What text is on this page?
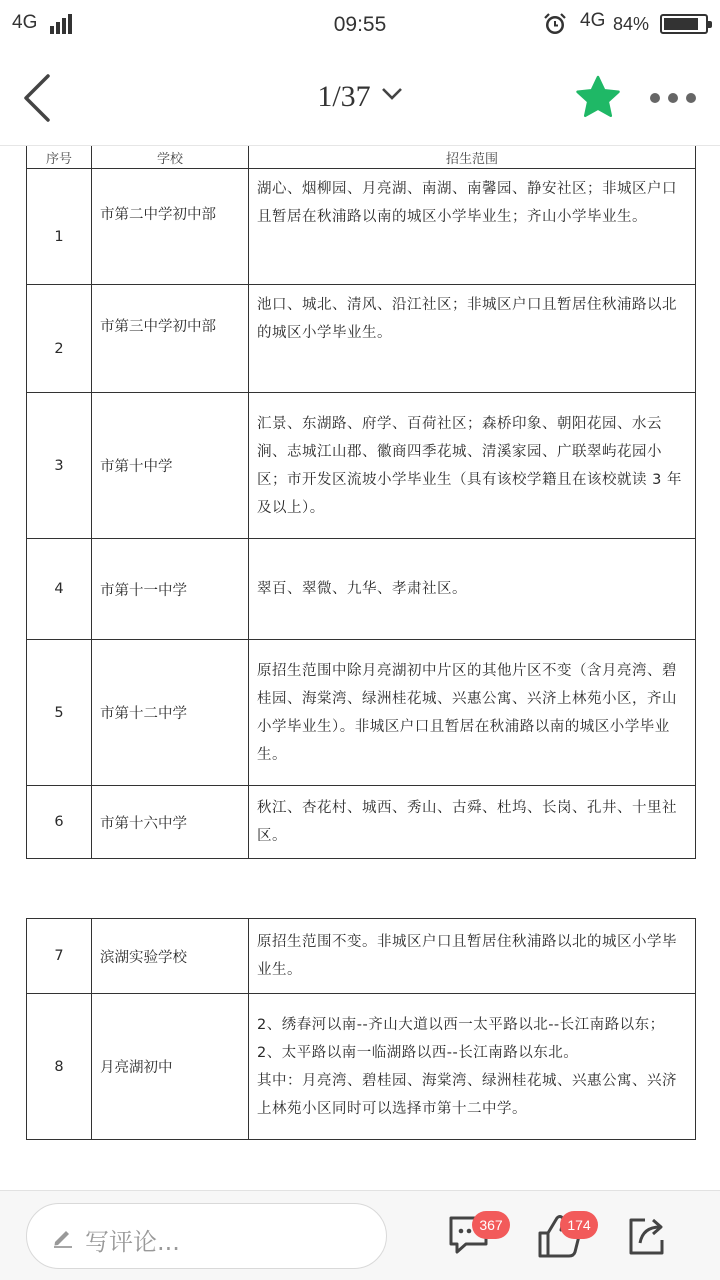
4G	09:55	4G 84%
1/37
序号	学校	招生范围
1	市第二中学初中部	湖心、烟柳园、月亮湖、南湖、南馨园、静安社区；非城区户口且暂居在秋浦路以南的城区小学毕业生；齐山小学毕业生。
2	市第三中学初中部	池口、城北、清风、沿江社区；非城区户口且暂居住秋浦路以北的城区小学毕业生。
3	市第十中学	汇景、东湖路、府学、百荷社区；森桥印象、朝阳花园、水云涧、志城江山郡、徽商四季花城、清溪家园、广联翠屿花园小区；市开发区流坡小学毕业生（具有该校学籍且在该校就读 3 年及以上）。
4	市第十一中学	翠百、翠微、九华、孝肃社区。
5	市第十二中学	原招生范围中除月亮湖初中片区的其他片区不变（含月亮湾、碧桂园、海棠湾、绿洲桂花城、兴惠公寓、兴济上林苑小区，齐山小学毕业生）。非城区户口且暂居在秋浦路以南的城区小学毕业生。
6	市第十六中学	秋江、杏花村、城西、秀山、古舜、杜坞、长岗、孔井、十里社区。
7	滨湖实验学校	原招生范围不变。非城区户口且暂居住秋浦路以北的城区小学毕业生。
8	月亮湖初中	2、绣春河以南--齐山大道以西一太平路以北--长江南路以东；2、太平路以南一临湖路以西--长江南路以东北。
其中：月亮湾、碧桂园、海棠湾、绿洲桂花城、兴惠公寓、兴济上林苑小区同时可以选择市第十二中学。
写评论...
367	174
